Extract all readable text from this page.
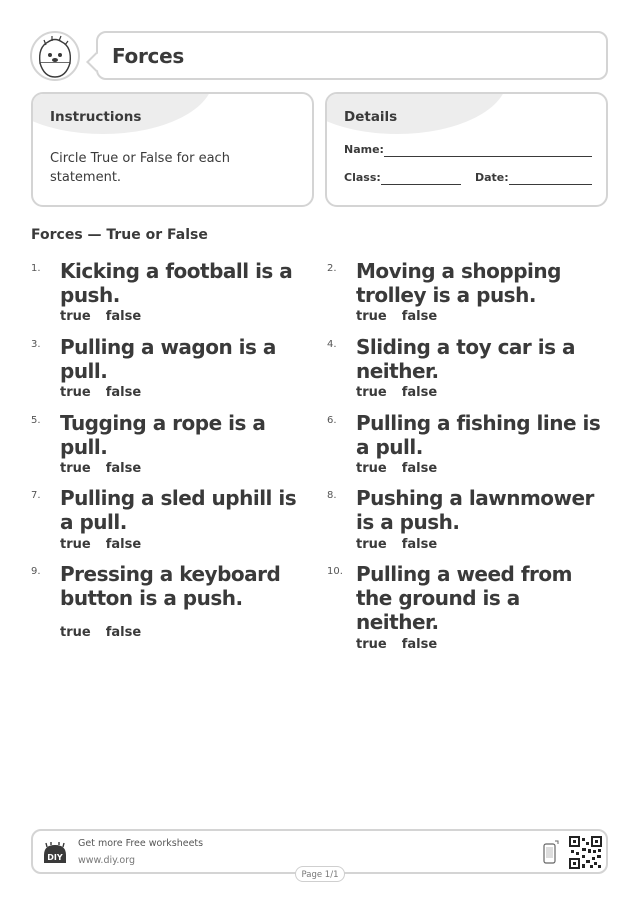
Forces
Instructions
Circle True or False for each statement.
Details
Name:
Class:	Date:
Forces — True or False
1. Kicking a football is a push.
true false
2. Moving a shopping trolley is a push.
true false
3. Pulling a wagon is a pull.
true false
4. Sliding a toy car is a neither.
true false
5. Tugging a rope is a pull.
true false
6. Pulling a fishing line is a pull.
true false
7. Pulling a sled uphill is a pull.
true false
8. Pushing a lawnmower is a push.
true false
9. Pressing a keyboard button is a push.
true false
10. Pulling a weed from the ground is a neither.
true false
DIY
Get more Free worksheets
www.diy.org
Page 1/1
